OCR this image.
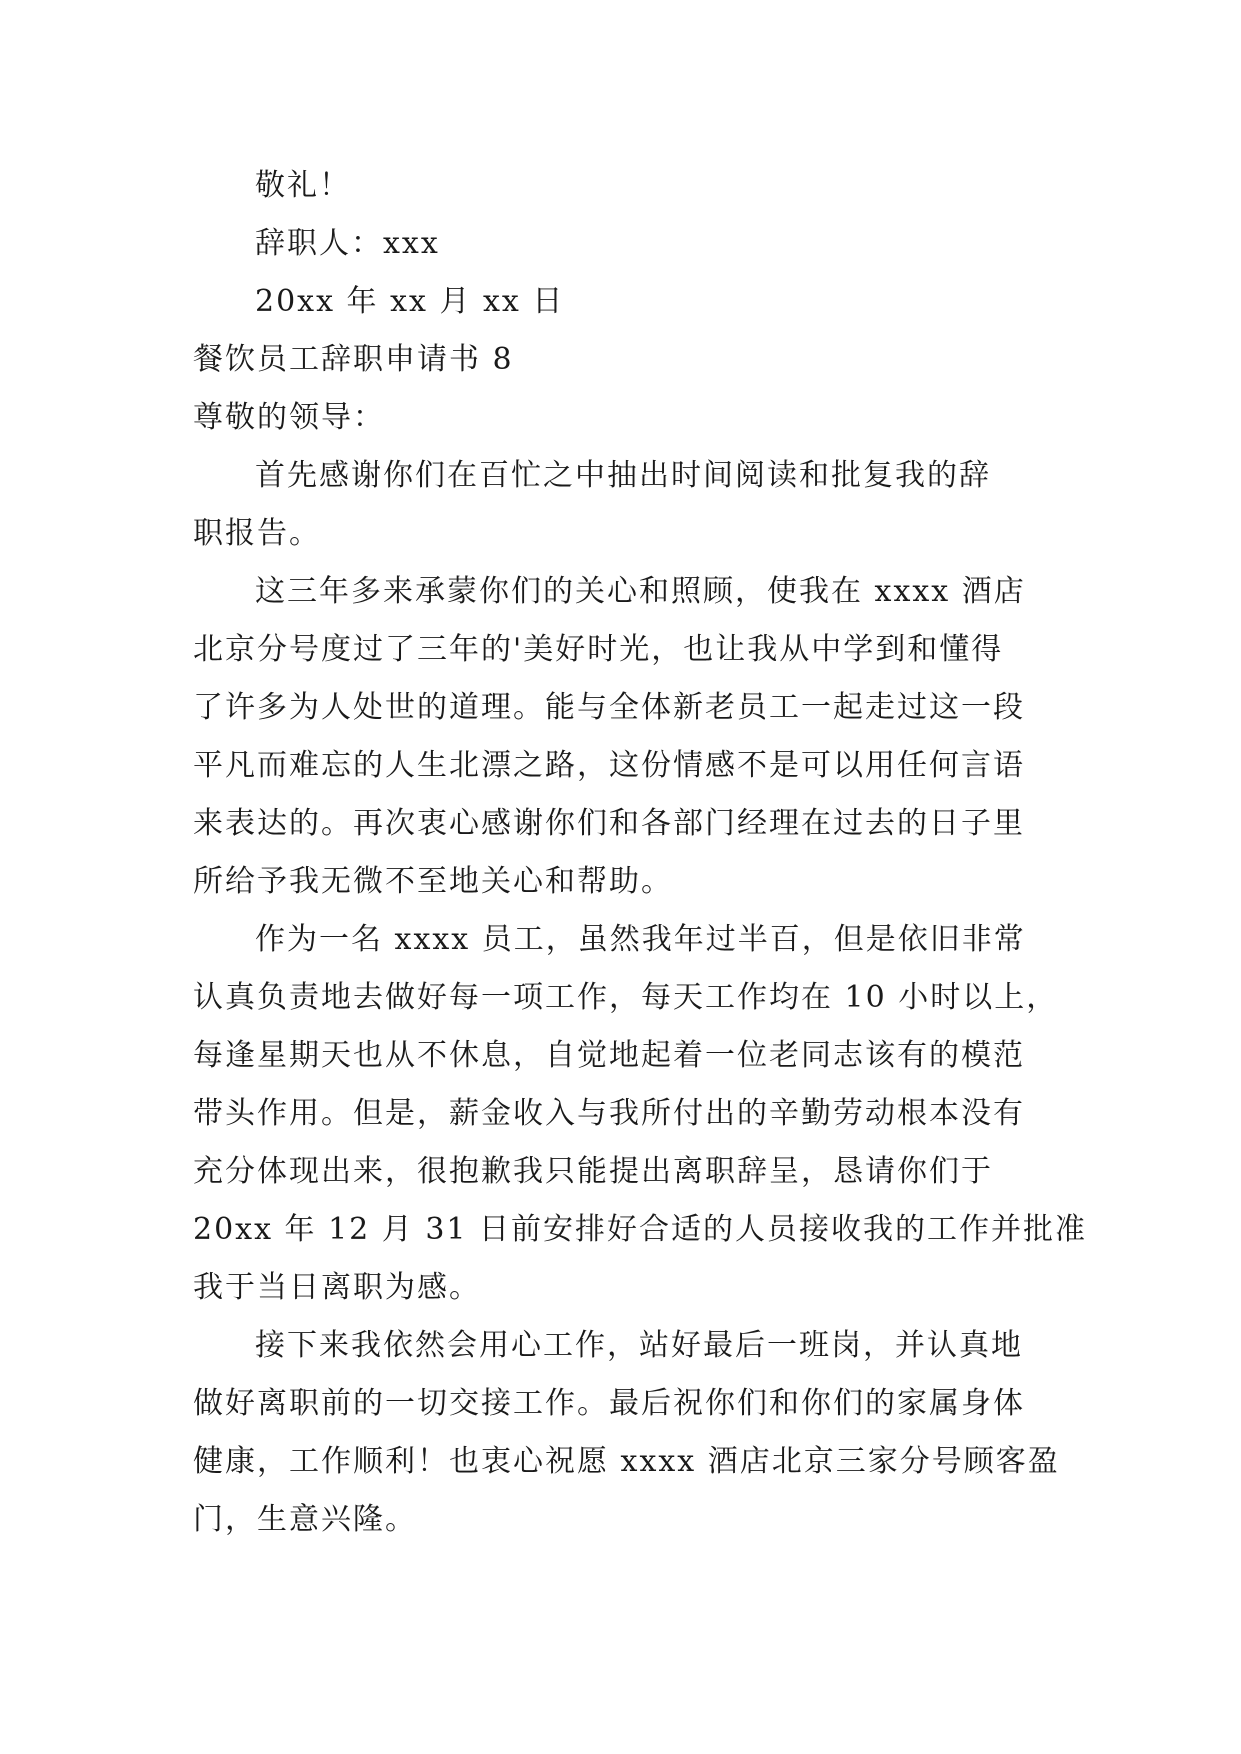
敬礼！
辞职人：xxx
20xx 年 xx 月 xx 日
餐饮员工辞职申请书 8
尊敬的领导：
首先感谢你们在百忙之中抽出时间阅读和批复我的辞
职报告。
这三年多来承蒙你们的关心和照顾，使我在 xxxx 酒店
北京分号度过了三年的'美好时光，也让我从中学到和懂得
了许多为人处世的道理。能与全体新老员工一起走过这一段
平凡而难忘的人生北漂之路，这份情感不是可以用任何言语
来表达的。再次衷心感谢你们和各部门经理在过去的日子里
所给予我无微不至地关心和帮助。
作为一名 xxxx 员工，虽然我年过半百，但是依旧非常
认真负责地去做好每一项工作，每天工作均在 10 小时以上，
每逢星期天也从不休息，自觉地起着一位老同志该有的模范
带头作用。但是，薪金收入与我所付出的辛勤劳动根本没有
充分体现出来，很抱歉我只能提出离职辞呈，恳请你们于
20xx 年 12 月 31 日前安排好合适的人员接收我的工作并批准
我于当日离职为感。
接下来我依然会用心工作，站好最后一班岗，并认真地
做好离职前的一切交接工作。最后祝你们和你们的家属身体
健康，工作顺利！也衷心祝愿 xxxx 酒店北京三家分号顾客盈
门，生意兴隆。
